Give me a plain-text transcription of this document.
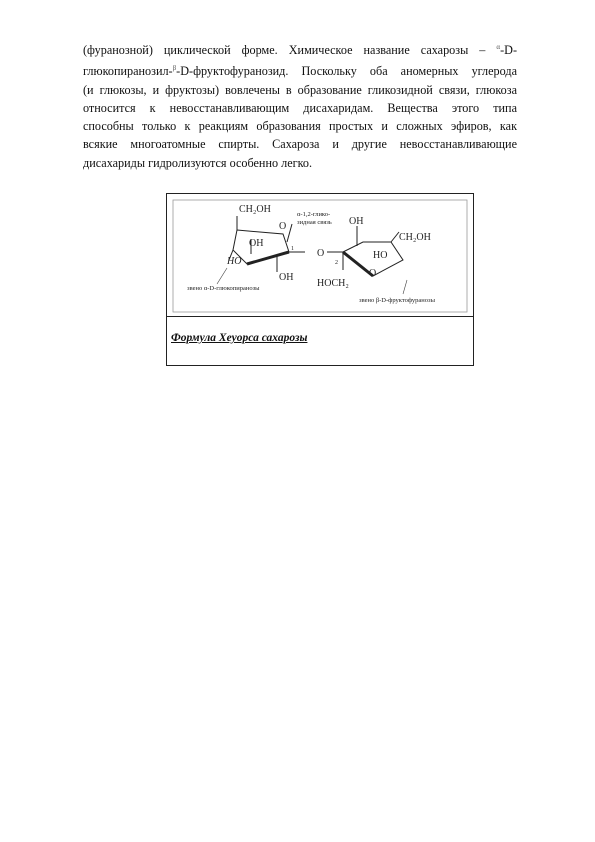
(фуранозной) циклической форме. Химическое название сахарозы – $^\alpha$-D-
глюкопиранозил-$^\beta$-D-фруктофуранозид. Поскольку оба аномерных углерода
(и глюкозы, и фруктозы) вовлечены в образование гликозидной связи, глюкоза
относится к невосстанавливающим дисахаридам. Вещества этого типа
способны только к реакциям образования простых и сложных эфиров, как
всякие многоатомные спирты. Сахароза и другие невосстанавливающие
дисахариды гидролизуются особенно легко.
CH₂OH
O
α-1,2-глико-
зидная связь
OH
HO
OH
1 O
OH
CH₂OH
HO
O
HOCH₂
2
звено α-D-глюкопиранозы
звено β-D-фруктофуранозы
Формула Хеуорса сахарозы
